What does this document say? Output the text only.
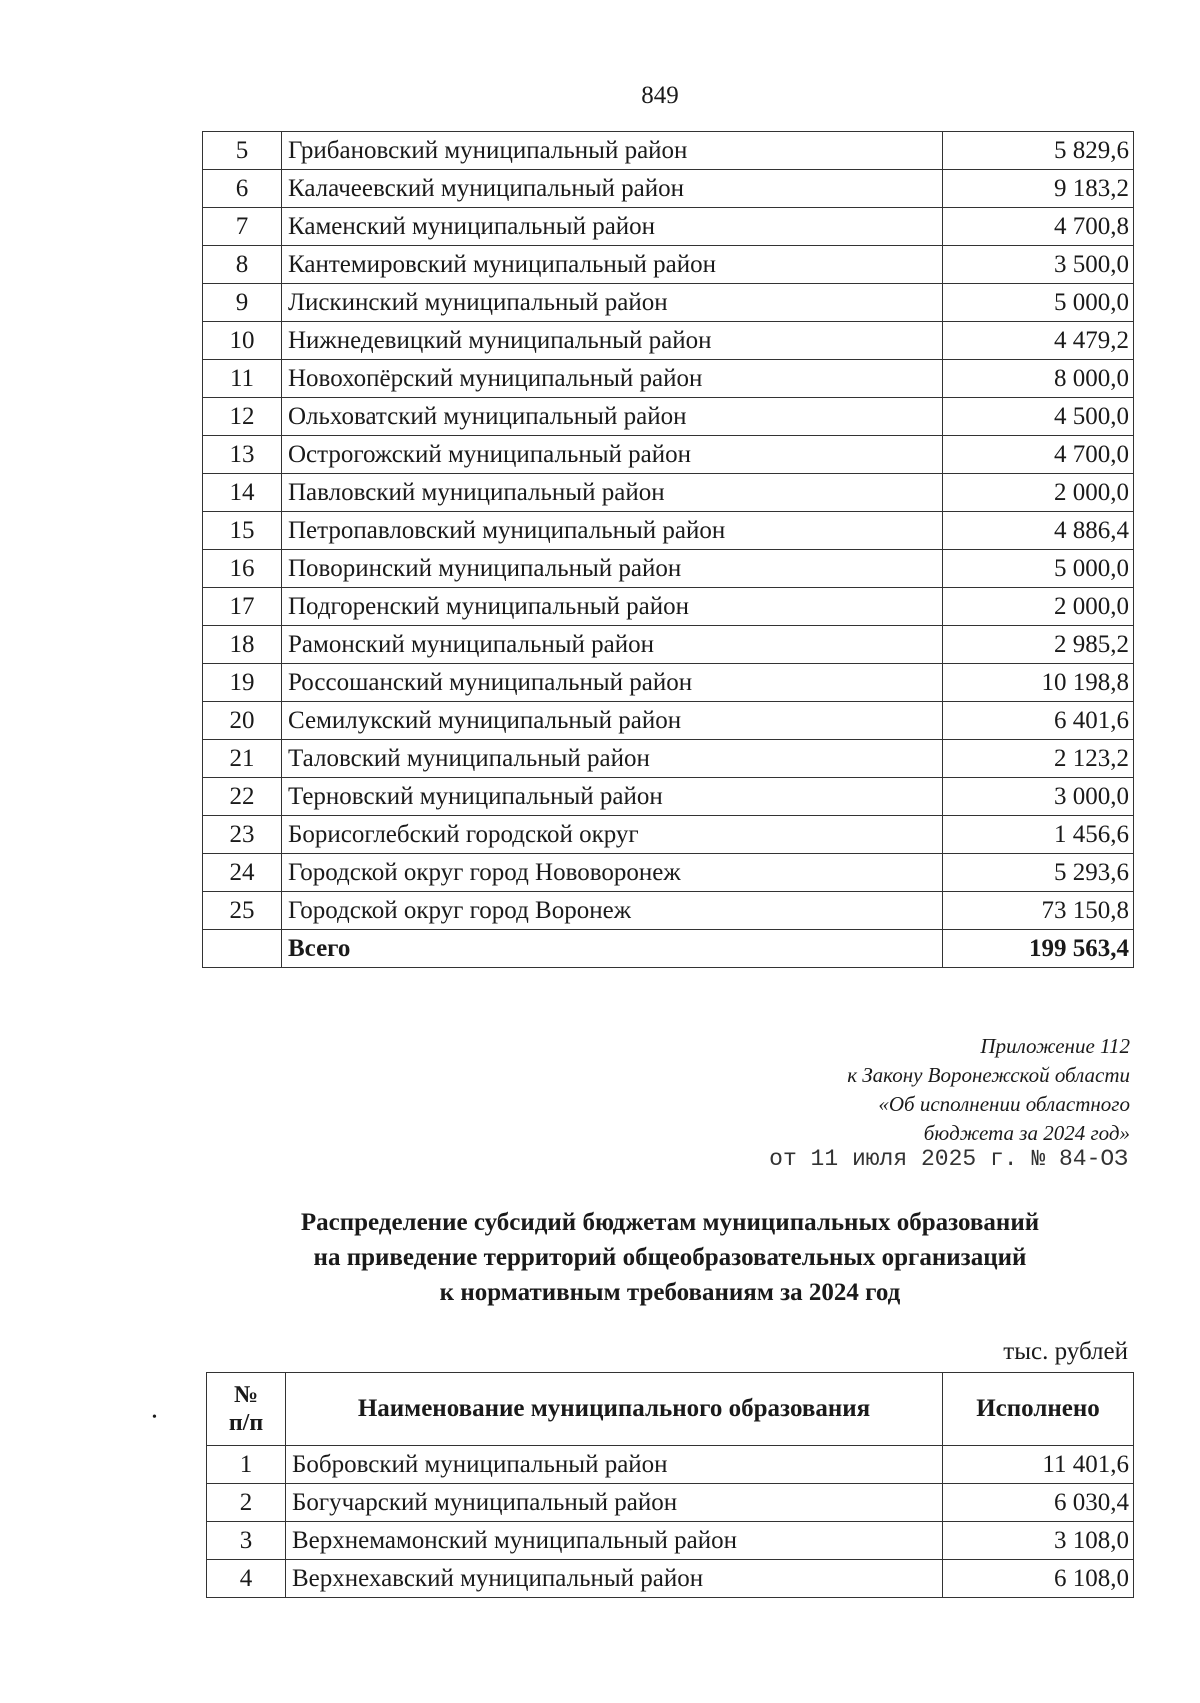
849
5	Грибановский муниципальный район	5 829,6
6	Калачеевский муниципальный район	9 183,2
7	Каменский муниципальный район	4 700,8
8	Кантемировский муниципальный район	3 500,0
9	Лискинский муниципальный район	5 000,0
10	Нижнедевицкий муниципальный район	4 479,2
11	Новохопёрский муниципальный район	8 000,0
12	Ольховатский муниципальный район	4 500,0
13	Острогожский муниципальный район	4 700,0
14	Павловский муниципальный район	2 000,0
15	Петропавловский муниципальный район	4 886,4
16	Поворинский муниципальный район	5 000,0
17	Подгоренский муниципальный район	2 000,0
18	Рамонский муниципальный район	2 985,2
19	Россошанский муниципальный район	10 198,8
20	Семилукский муниципальный район	6 401,6
21	Таловский муниципальный район	2 123,2
22	Терновский муниципальный район	3 000,0
23	Борисоглебский городской округ	1 456,6
24	Городской округ город Нововоронеж	5 293,6
25	Городской округ город Воронеж	73 150,8
	Всего	199 563,4
Приложение 112
к Закону Воронежской области
«Об исполнении областного
бюджета за 2024 год»
от 11 июля 2025 г. № 84-ОЗ
Распределение субсидий бюджетам муниципальных образований
на приведение территорий общеобразовательных организаций
к нормативным требованиям за 2024 год
тыс. рублей
•
№
п/п	Наименование муниципального образования	Исполнено
1	Бобровский муниципальный район	11 401,6
2	Богучарский муниципальный район	6 030,4
3	Верхнемамонский муниципальный район	3 108,0
4	Верхнехавский муниципальный район	6 108,0
